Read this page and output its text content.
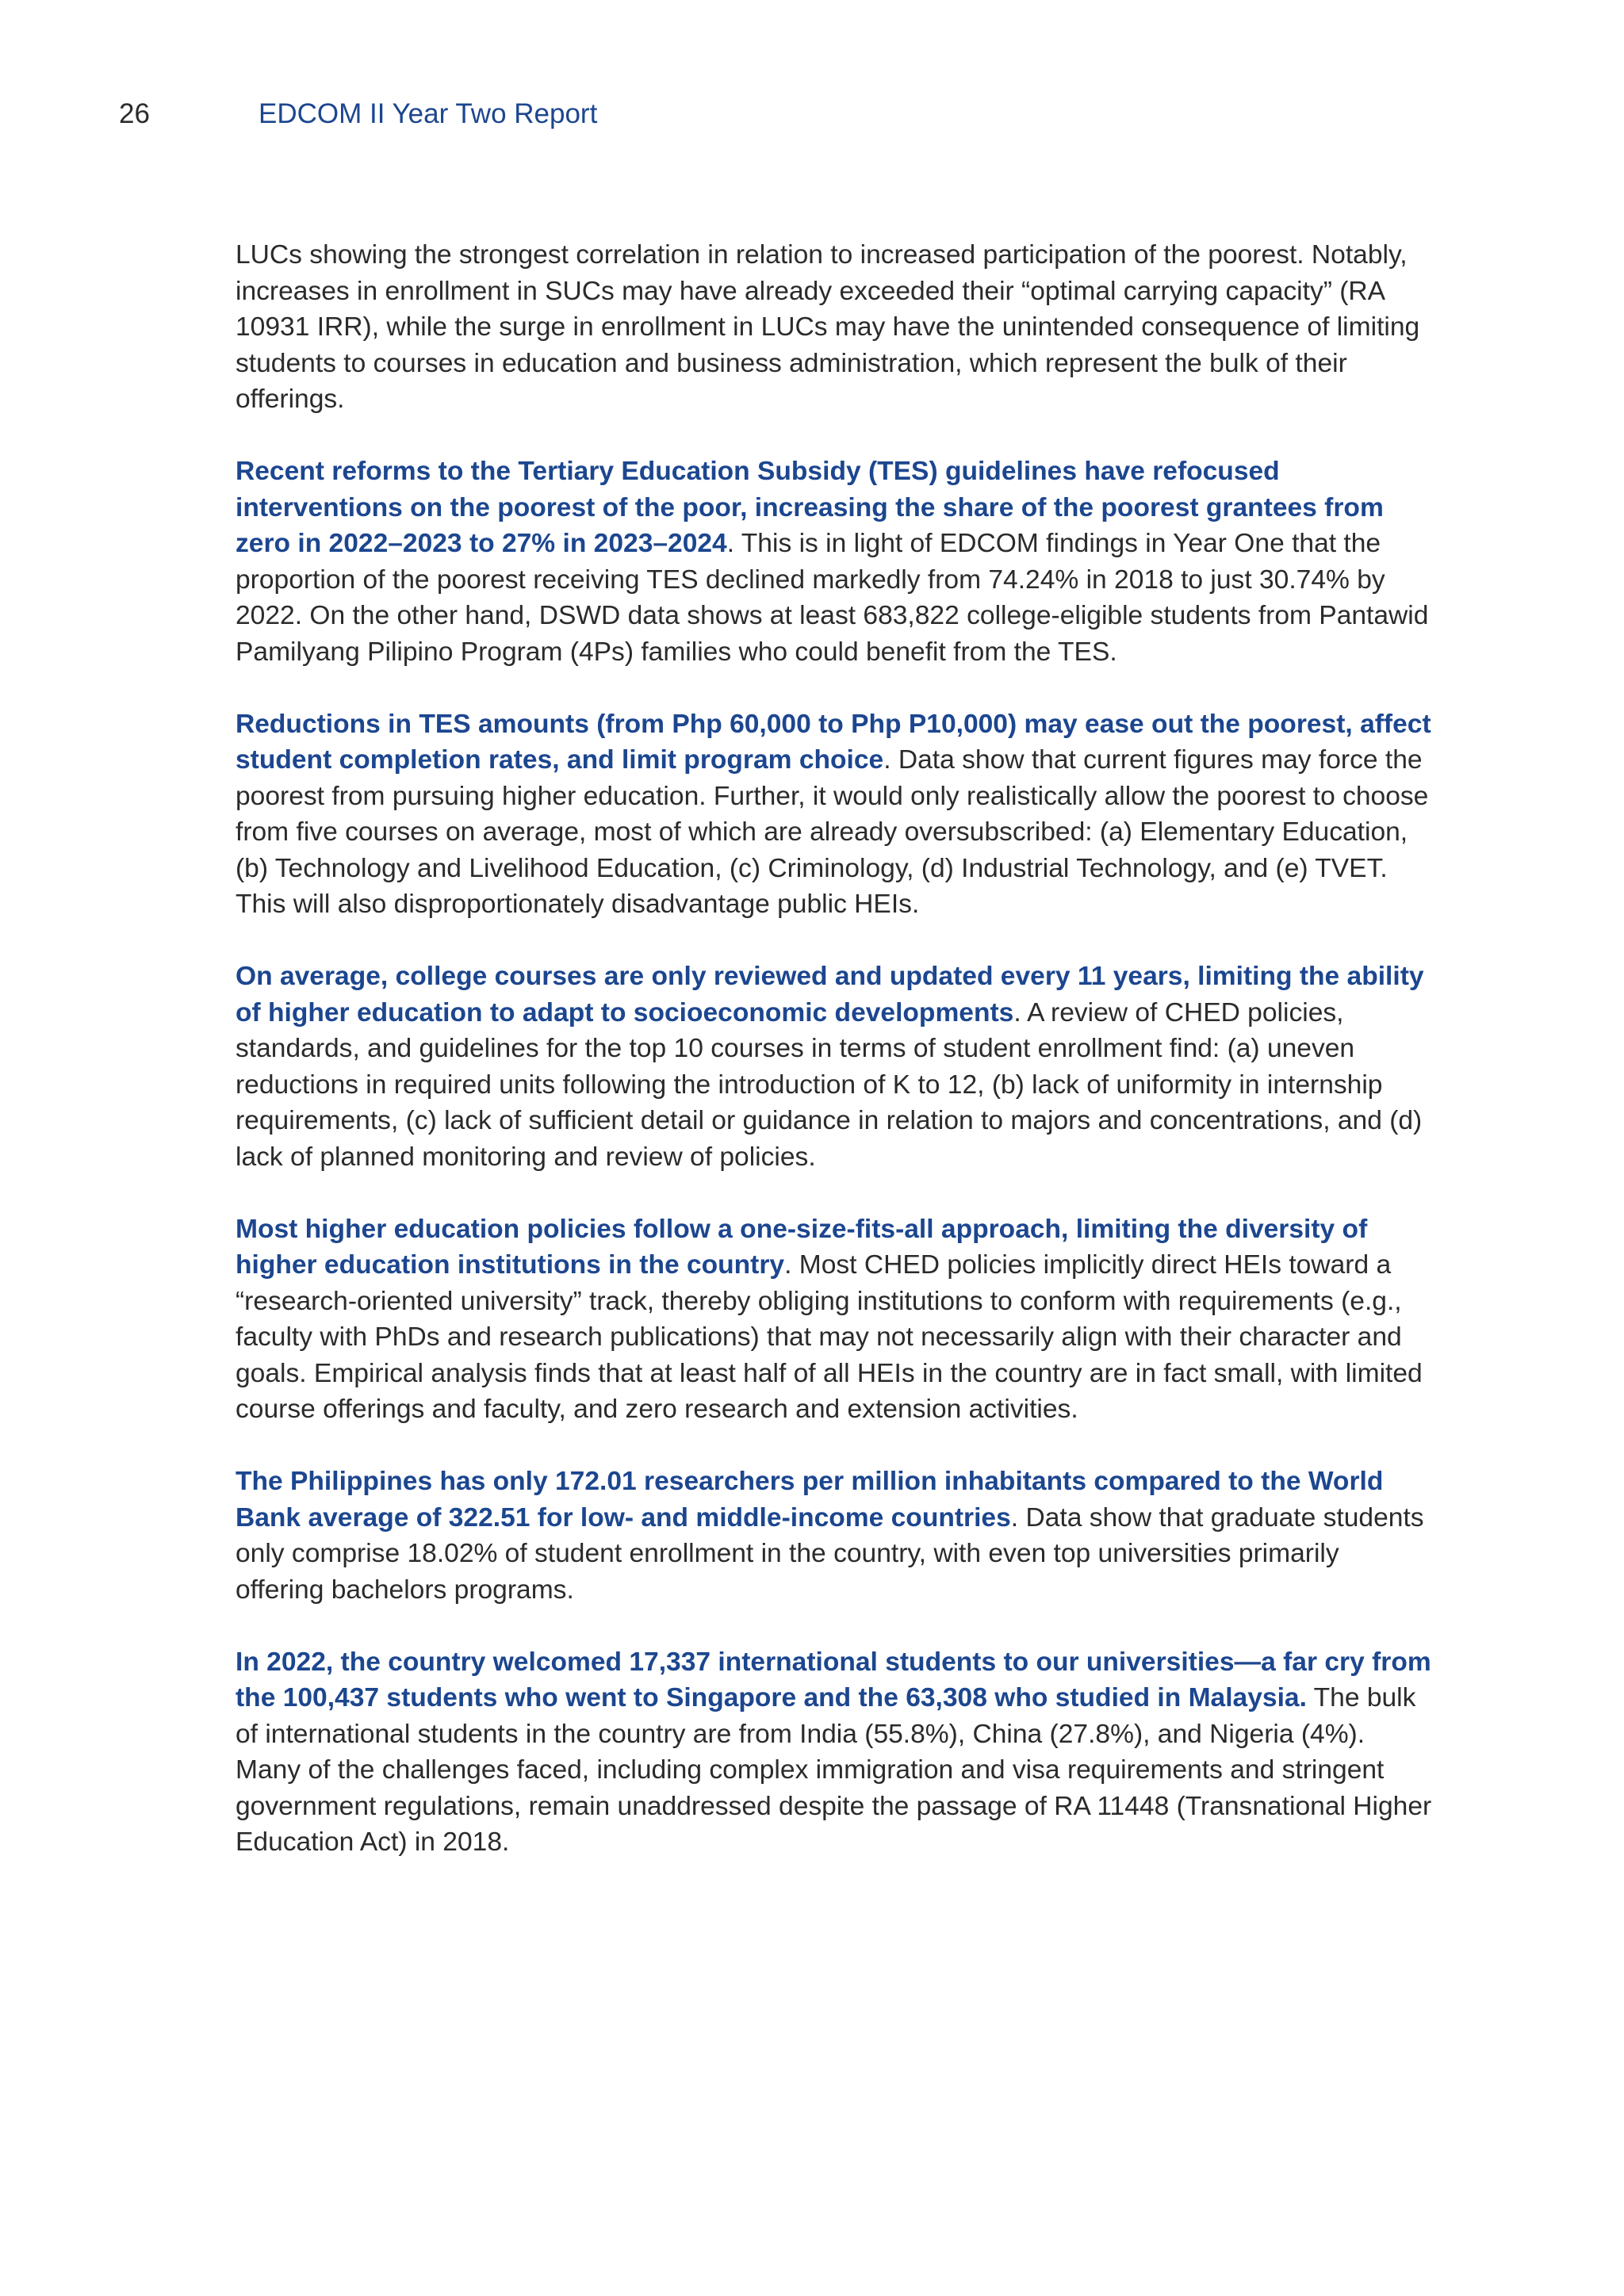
26	EDCOM II Year Two Report

LUCs showing the strongest correlation in relation to increased participation of the poorest. Notably, increases in enrollment in SUCs may have already exceeded their “optimal carrying capacity” (RA 10931 IRR), while the surge in enrollment in LUCs may have the unintended consequence of limiting students to courses in education and business administration, which represent the bulk of their offerings.

Recent reforms to the Tertiary Education Subsidy (TES) guidelines have refocused interventions on the poorest of the poor, increasing the share of the poorest grantees from zero in 2022–2023 to 27% in 2023–2024. This is in light of EDCOM findings in Year One that the proportion of the poorest receiving TES declined markedly from 74.24% in 2018 to just 30.74% by 2022. On the other hand, DSWD data shows at least 683,822 college-eligible students from Pantawid Pamilyang Pilipino Program (4Ps) families who could benefit from the TES.

Reductions in TES amounts (from Php 60,000 to Php P10,000) may ease out the poorest, affect student completion rates, and limit program choice. Data show that current figures may force the poorest from pursuing higher education. Further, it would only realistically allow the poorest to choose from five courses on average, most of which are already oversubscribed: (a) Elementary Education, (b) Technology and Livelihood Education, (c) Criminology, (d) Industrial Technology, and (e) TVET. This will also disproportionately disadvantage public HEIs.

On average, college courses are only reviewed and updated every 11 years, limiting the ability of higher education to adapt to socioeconomic developments. A review of CHED policies, standards, and guidelines for the top 10 courses in terms of student enrollment find: (a) uneven reductions in required units following the introduction of K to 12, (b) lack of uniformity in internship requirements, (c) lack of sufficient detail or guidance in relation to majors and concentrations, and (d) lack of planned monitoring and review of policies.

Most higher education policies follow a one-size-fits-all approach, limiting the diversity of higher education institutions in the country. Most CHED policies implicitly direct HEIs toward a “research-oriented university” track, thereby obliging institutions to conform with requirements (e.g., faculty with PhDs and research publications) that may not necessarily align with their character and goals. Empirical analysis finds that at least half of all HEIs in the country are in fact small, with limited course offerings and faculty, and zero research and extension activities.

The Philippines has only 172.01 researchers per million inhabitants compared to the World Bank average of 322.51 for low- and middle-income countries. Data show that graduate students only comprise 18.02% of student enrollment in the country, with even top universities primarily offering bachelors programs.

In 2022, the country welcomed 17,337 international students to our universities—a far cry from the 100,437 students who went to Singapore and the 63,308 who studied in Malaysia. The bulk of international students in the country are from India (55.8%), China (27.8%), and Nigeria (4%). Many of the challenges faced, including complex immigration and visa requirements and stringent government regulations, remain unaddressed despite the passage of RA 11448 (Transnational Higher Education Act) in 2018.
